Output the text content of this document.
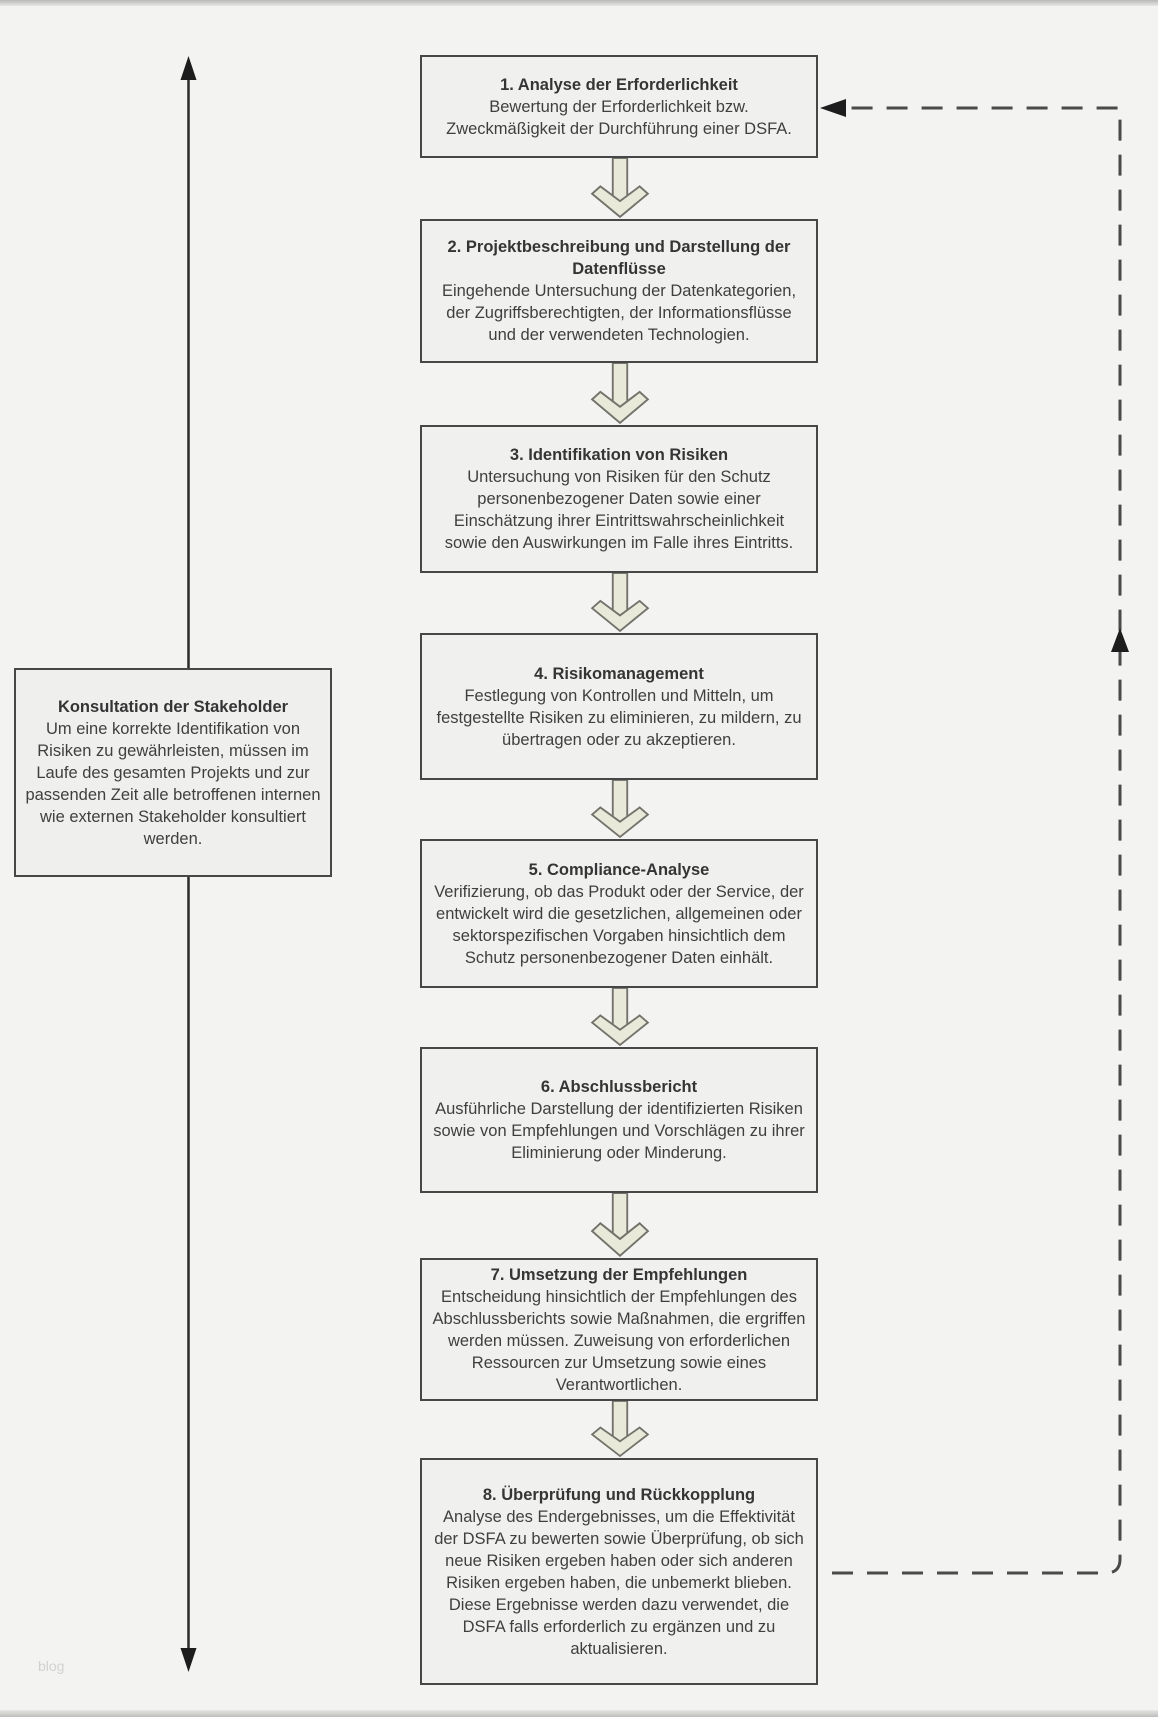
1. Analyse der Erforderlichkeit
Bewertung der Erforderlichkeit bzw. Zweckmäßigkeit der Durchführung einer DSFA.
2. Projektbeschreibung und Darstellung der Datenflüsse
Eingehende Untersuchung der Datenkategorien, der Zugriffsberechtigten, der Informationsflüsse und der verwendeten Technologien.
3. Identifikation von Risiken
Untersuchung von Risiken für den Schutz personenbezogener Daten sowie einer Einschätzung ihrer Eintrittswahrscheinlichkeit sowie den Auswirkungen im Falle ihres Eintritts.
4. Risikomanagement
Festlegung von Kontrollen und Mitteln, um festgestellte Risiken zu eliminieren, zu mildern, zu übertragen oder zu akzeptieren.
5. Compliance-Analyse
Verifizierung, ob das Produkt oder der Service, der entwickelt wird die gesetzlichen, allgemeinen oder sektorspezifischen Vorgaben hinsichtlich dem Schutz personenbezogener Daten einhält.
6. Abschlussbericht
Ausführliche Darstellung der identifizierten Risiken sowie von Empfehlungen und Vorschlägen zu ihrer Eliminierung oder Minderung.
7. Umsetzung der Empfehlungen
Entscheidung hinsichtlich der Empfehlungen des Abschlussberichts sowie Maßnahmen, die ergriffen werden müssen. Zuweisung von erforderlichen Ressourcen zur Umsetzung sowie eines Verantwortlichen.
8. Überprüfung und Rückkopplung
Analyse des Endergebnisses, um die Effektivität der DSFA zu bewerten sowie Überprüfung, ob sich neue Risiken ergeben haben oder sich anderen Risiken ergeben haben, die unbemerkt blieben. Diese Ergebnisse werden dazu verwendet, die DSFA falls erforderlich zu ergänzen und zu aktualisieren.
Konsultation der Stakeholder
Um eine korrekte Identifikation von Risiken zu gewährleisten, müssen im Laufe des gesamten Projekts und zur passenden Zeit alle betroffenen internen wie externen Stakeholder konsultiert werden.
blog
